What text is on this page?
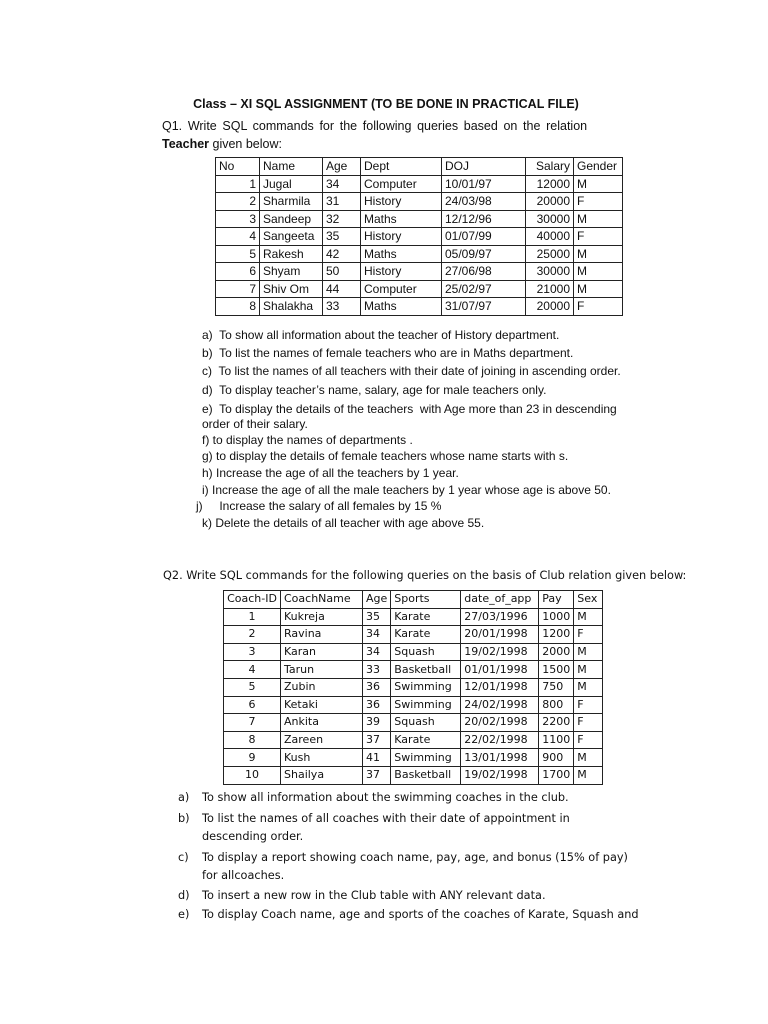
Class – XI SQL ASSIGNMENT (TO BE DONE IN PRACTICAL FILE)
Q1. Write SQL commands for the following queries based on the relation
Teacher given below:
No	Name	Age	Dept	DOJ	Salary	Gender
1	Jugal	34	Computer	10/01/97	12000	M
2	Sharmila	31	History	24/03/98	20000	F
3	Sandeep	32	Maths	12/12/96	30000	M
4	Sangeeta	35	History	01/07/99	40000	F
5	Rakesh	42	Maths	05/09/97	25000	M
6	Shyam	50	History	27/06/98	30000	M
7	Shiv Om	44	Computer	25/02/97	21000	M
8	Shalakha	33	Maths	31/07/97	20000	F
a)  To show all information about the teacher of History department.
b)  To list the names of female teachers who are in Maths department.
c)  To list the names of all teachers with their date of joining in ascending order.
d)  To display teacher’s name, salary, age for male teachers only.
e)  To display the details of the teachers  with Age more than 23 in descending
order of their salary.
f) to display the names of departments .
g) to display the details of female teachers whose name starts with s.
h) Increase the age of all the teachers by 1 year.
i) Increase the age of all the male teachers by 1 year whose age is above 50.
j)     Increase the salary of all females by 15 %
k) Delete the details of all teacher with age above 55.
Q2. Write SQL commands for the following queries on the basis of Club relation given below:
Coach-ID	CoachName	Age	Sports	date_of_app	Pay	Sex
1	Kukreja	35	Karate	27/03/1996	1000	M
2	Ravina	34	Karate	20/01/1998	1200	F
3	Karan	34	Squash	19/02/1998	2000	M
4	Tarun	33	Basketball	01/01/1998	1500	M
5	Zubin	36	Swimming	12/01/1998	750	M
6	Ketaki	36	Swimming	24/02/1998	800	F
7	Ankita	39	Squash	20/02/1998	2200	F
8	Zareen	37	Karate	22/02/1998	1100	F
9	Kush	41	Swimming	13/01/1998	900	M
10	Shailya	37	Basketball	19/02/1998	1700	M
a) To show all information about the swimming coaches in the club.
b) To list the names of all coaches with their date of appointment in
descending order.
c) To display a report showing coach name, pay, age, and bonus (15% of pay)
for allcoaches.
d) To insert a new row in the Club table with ANY relevant data.
e) To display Coach name, age and sports of the coaches of Karate, Squash and
